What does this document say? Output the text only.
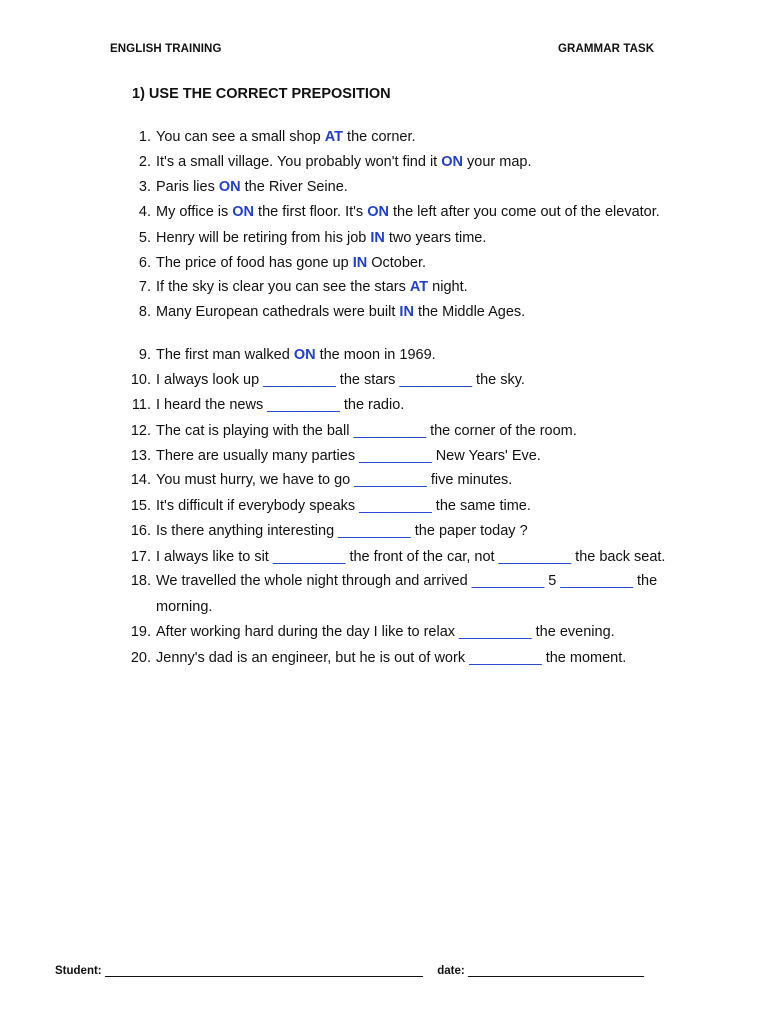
ENGLISH TRAINING	GRAMMAR TASK
1) USE THE CORRECT PREPOSITION
1. You can see a small shop AT the corner.
2. It's a small village. You probably won't find it ON your map.
3. Paris lies ON the River Seine.
4. My office is ON the first floor. It's ON the left after you come out of the elevator.
5. Henry will be retiring from his job IN two years time.
6. The price of food has gone up IN October.
7. If the sky is clear you can see the stars AT night.
8. Many European cathedrals were built IN the Middle Ages.
9. The first man walked ON the moon in 1969.
10. I always look up _________ the stars _________ the sky.
11. I heard the news _________ the radio.
12. The cat is playing with the ball _________ the corner of the room.
13. There are usually many parties _________ New Years' Eve.
14. You must hurry, we have to go _________ five minutes.
15. It's difficult if everybody speaks _________ the same time.
16. Is there anything interesting _________ the paper today ?
17. I always like to sit _________ the front of the car, not _________ the back seat.
18. We travelled the whole night through and arrived _________ 5 _________ the
morning.
19. After working hard during the day I like to relax _________ the evening.
20. Jenny's dad is an engineer, but he is out of work _________ the moment.
Student:	date:
